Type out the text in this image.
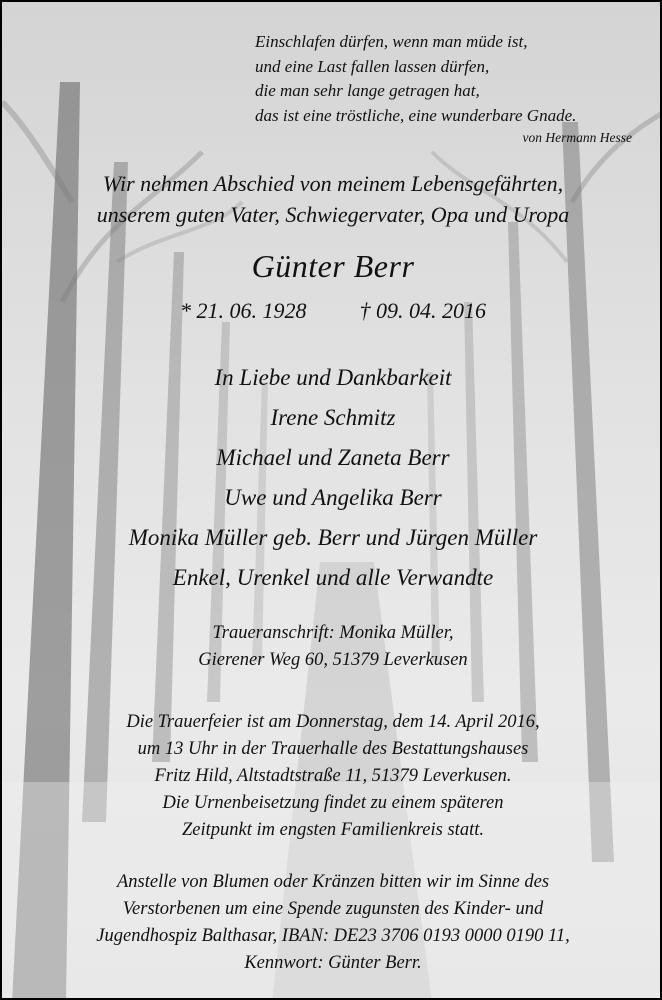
Einschlafen dürfen, wenn man müde ist,
und eine Last fallen lassen dürfen,
die man sehr lange getragen hat,
das ist eine tröstliche, eine wunderbare Gnade.
von Hermann Hesse
Wir nehmen Abschied von meinem Lebensgefährten,
unserem guten Vater, Schwiegervater, Opa und Uropa
Günter Berr
* 21. 06. 1928 † 09. 04. 2016
In Liebe und Dankbarkeit
Irene Schmitz
Michael und Zaneta Berr
Uwe und Angelika Berr
Monika Müller geb. Berr und Jürgen Müller
Enkel, Urenkel und alle Verwandte
Traueranschrift: Monika Müller,
Gierener Weg 60, 51379 Leverkusen
Die Trauerfeier ist am Donnerstag, dem 14. April 2016,
um 13 Uhr in der Trauerhalle des Bestattungshauses
Fritz Hild, Altstadtstraße 11, 51379 Leverkusen.
Die Urnenbeisetzung findet zu einem späteren
Zeitpunkt im engsten Familienkreis statt.
Anstelle von Blumen oder Kränzen bitten wir im Sinne des
Verstorbenen um eine Spende zugunsten des Kinder- und
Jugendhospiz Balthasar, IBAN: DE23 3706 0193 0000 0190 11,
Kennwort: Günter Berr.
